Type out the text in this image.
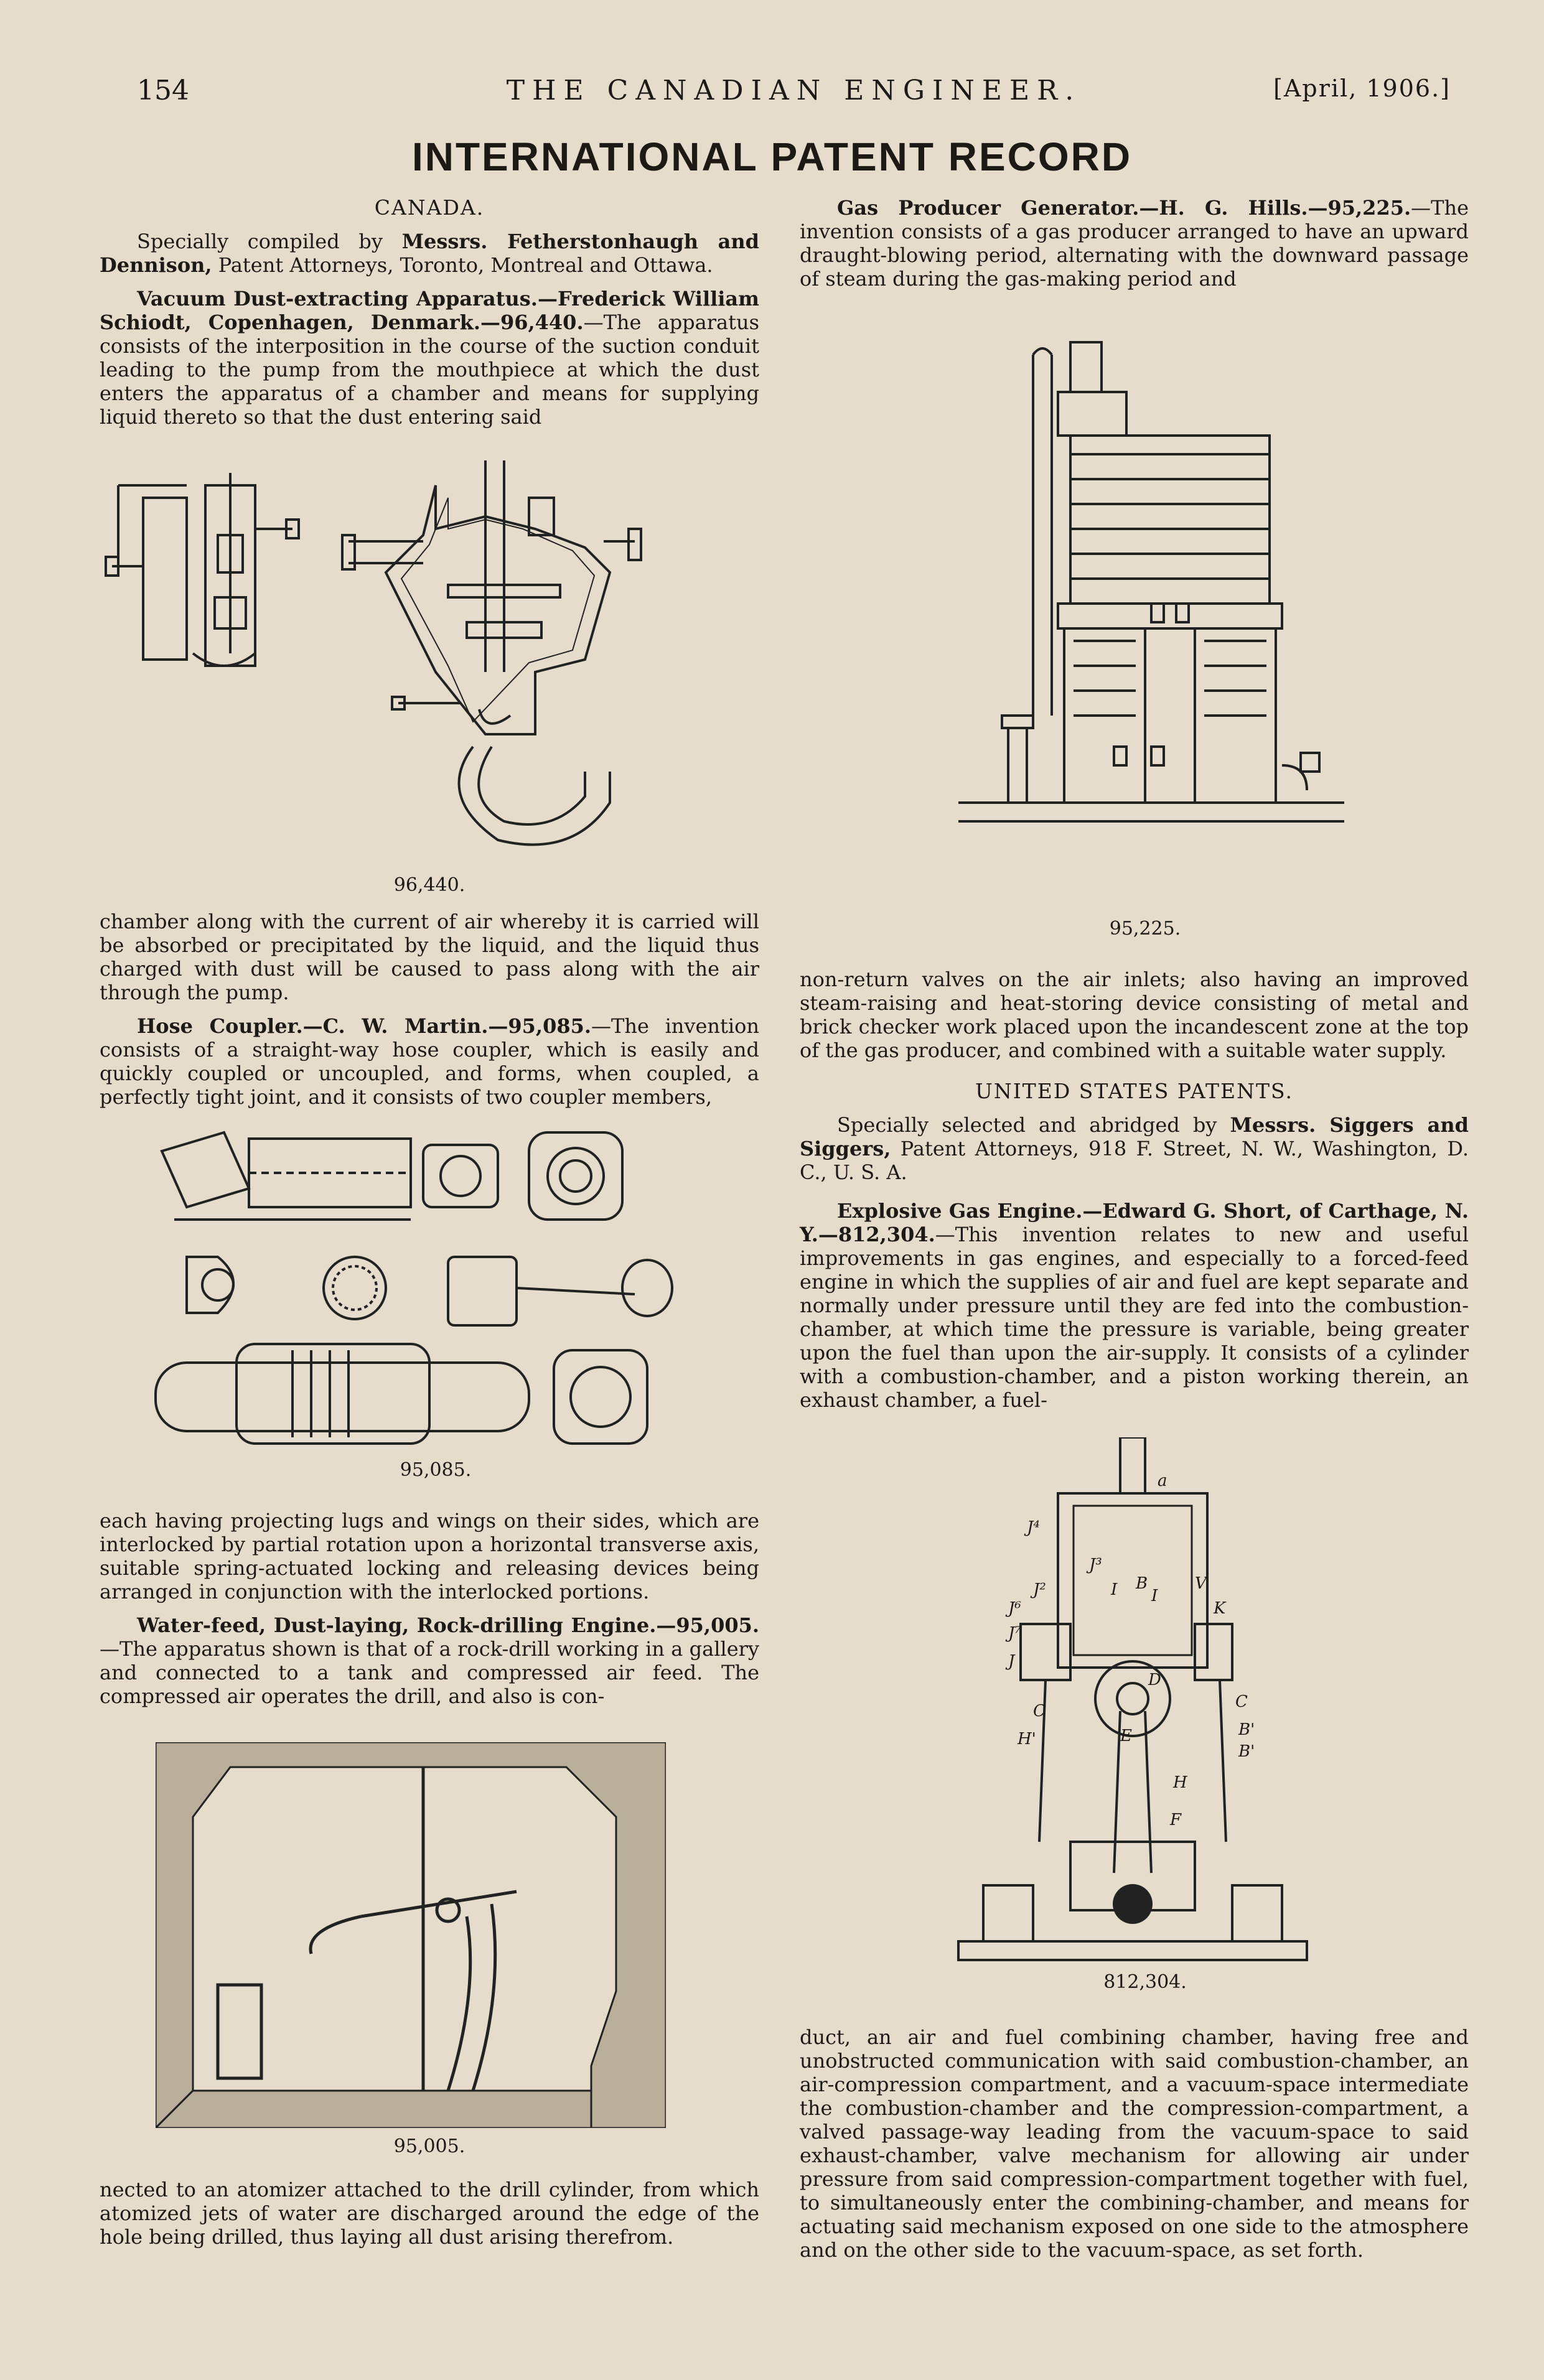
154	THE CANADIAN ENGINEER.	[April, 1906.]
INTERNATIONAL PATENT RECORD

CANADA.

Specially compiled by Messrs. Fetherstonhaugh and Dennison, Patent Attorneys, Toronto, Montreal and Ottawa.

Vacuum Dust-extracting Apparatus.—Frederick William Schiodt, Copenhagen, Denmark.—96,440.—The apparatus consists of the interposition in the course of the suction conduit leading to the pump from the mouthpiece at which the dust enters the apparatus of a chamber and means for supplying liquid thereto so that the dust entering said

96,440.

chamber along with the current of air whereby it is carried will be absorbed or precipitated by the liquid, and the liquid thus charged with dust will be caused to pass along with the air through the pump.

Hose Coupler.—C. W. Martin.—95,085.—The invention consists of a straight-way hose coupler, which is easily and quickly coupled or uncoupled, and forms, when coupled, a perfectly tight joint, and it consists of two coupler members,

95,085.

each having projecting lugs and wings on their sides, which are interlocked by partial rotation upon a horizontal transverse axis, suitable spring-actuated locking and releasing devices being arranged in conjunction with the interlocked portions.

Water-feed, Dust-laying, Rock-drilling Engine.—95,005.—The apparatus shown is that of a rock-drill working in a gallery and connected to a tank and compressed air feed. The compressed air operates the drill, and also is con-

95,005.

nected to an atomizer attached to the drill cylinder, from which atomized jets of water are discharged around the edge of the hole being drilled, thus laying all dust arising therefrom.

Gas Producer Generator.—H. G. Hills.—95,225.—The invention consists of a gas producer arranged to have an upward draught-blowing period, alternating with the downward passage of steam during the gas-making period and

95,225.

non-return valves on the air inlets; also having an improved steam-raising and heat-storing device consisting of metal and brick checker work placed upon the incandescent zone at the top of the gas producer, and combined with a suitable water supply.

UNITED STATES PATENTS.

Specially selected and abridged by Messrs. Siggers and Siggers, Patent Attorneys, 918 F. Street, N. W., Washington, D. C., U. S. A.

Explosive Gas Engine.—Edward G. Short, of Carthage, N. Y.—812,304.—This invention relates to new and useful improvements in gas engines, and especially to a forced-feed engine in which the supplies of air and fuel are kept separate and normally under pressure until they are fed into the combustion-chamber, at which time the pressure is variable, being greater upon the fuel than upon the air-supply. It consists of a cylinder with a combustion-chamber, and a piston working therein, an exhaust chamber, a fuel-

a
J⁴
J³
J²	I B
I
V
J⁶	K
J⁷
J
D
C	C
B'
H'	E
B'
H
F
812,304.

duct, an air and fuel combining chamber, having free and unobstructed communication with said combustion-chamber, an air-compression compartment, and a vacuum-space intermediate the combustion-chamber and the compression-compartment, a valved passage-way leading from the vacuum-space to said exhaust-chamber, valve mechanism for allowing air under pressure from said compression-compartment together with fuel, to simultaneously enter the combining-chamber, and means for actuating said mechanism exposed on one side to the atmosphere and on the other side to the vacuum-space, as set forth.
